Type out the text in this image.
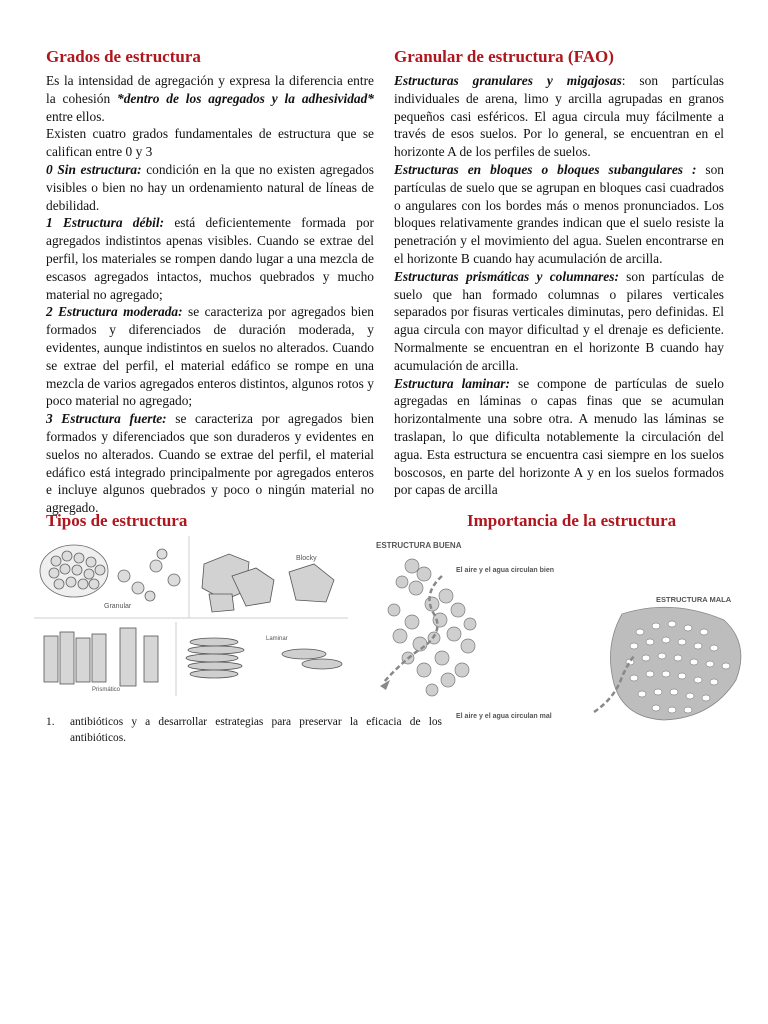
Grados de estructura

Es la intensidad de agregación y expresa la diferencia entre la cohesión *dentro de los agregados y la adhesividad* entre ellos.

Existen cuatro grados fundamentales de estructura que se califican entre 0 y 3

0 Sin estructura: condición en la que no existen agregados visibles o bien no hay un ordenamiento natural de líneas de debilidad.

1 Estructura débil: está deficientemente formada por agregados indistintos apenas visibles. Cuando se extrae del perfil, los materiales se rompen dando lugar a una mezcla de escasos agregados intactos, muchos quebrados y mucho material no agregado;

2 Estructura moderada: se caracteriza por agregados bien formados y diferenciados de duración moderada, y evidentes, aunque indistintos en suelos no alterados. Cuando se extrae del perfil, el material edáfico se rompe en una mezcla de varios agregados enteros distintos, algunos rotos y poco material no agregado;

3 Estructura fuerte: se caracteriza por agregados bien formados y diferenciados que son duraderos y evidentes en suelos no alterados. Cuando se extrae del perfil, el material edáfico está integrado principalmente por agregados enteros e incluye algunos quebrados y poco o ningún material no agregado.

Granular de estructura (FAO)

Estructuras granulares y migajosas: son partículas individuales de arena, limo y arcilla agrupadas en granos pequeños casi esféricos. El agua circula muy fácilmente a través de esos suelos. Por lo general, se encuentran en el horizonte A de los perfiles de suelos.

Estructuras en bloques o bloques subangulares : son partículas de suelo que se agrupan en bloques casi cuadrados o angulares con los bordes más o menos pronunciados. Los bloques relativamente grandes indican que el suelo resiste la penetración y el movimiento del agua. Suelen encontrarse en el horizonte B cuando hay acumulación de arcilla.

Estructuras prismáticas y columnares: son partículas de suelo que han formado columnas o pilares verticales separados por fisuras verticales diminutas, pero definidas. El agua circula con mayor dificultad y el drenaje es deficiente. Normalmente se encuentran en el horizonte B cuando hay acumulación de arcilla.

Estructura laminar: se compone de partículas de suelo agregadas en láminas o capas finas que se acumulan horizontalmente una sobre otra. A menudo las láminas se traslapan, lo que dificulta notablemente la circulación del agua. Esta estructura se encuentra casi siempre en los suelos boscosos, en parte del horizonte A y en los suelos formados por capas de arcilla

Tipos de estructura	Importancia de la estructura
Granular
Blocky
Prismático
Laminar
ESTRUCTURA BUENA
El aire y el agua circulan bien
ESTRUCTURA MALA
El aire y el agua circulan mal
1. antibióticos y a desarrollar estrategias para preservar la eficacia de los antibióticos.
